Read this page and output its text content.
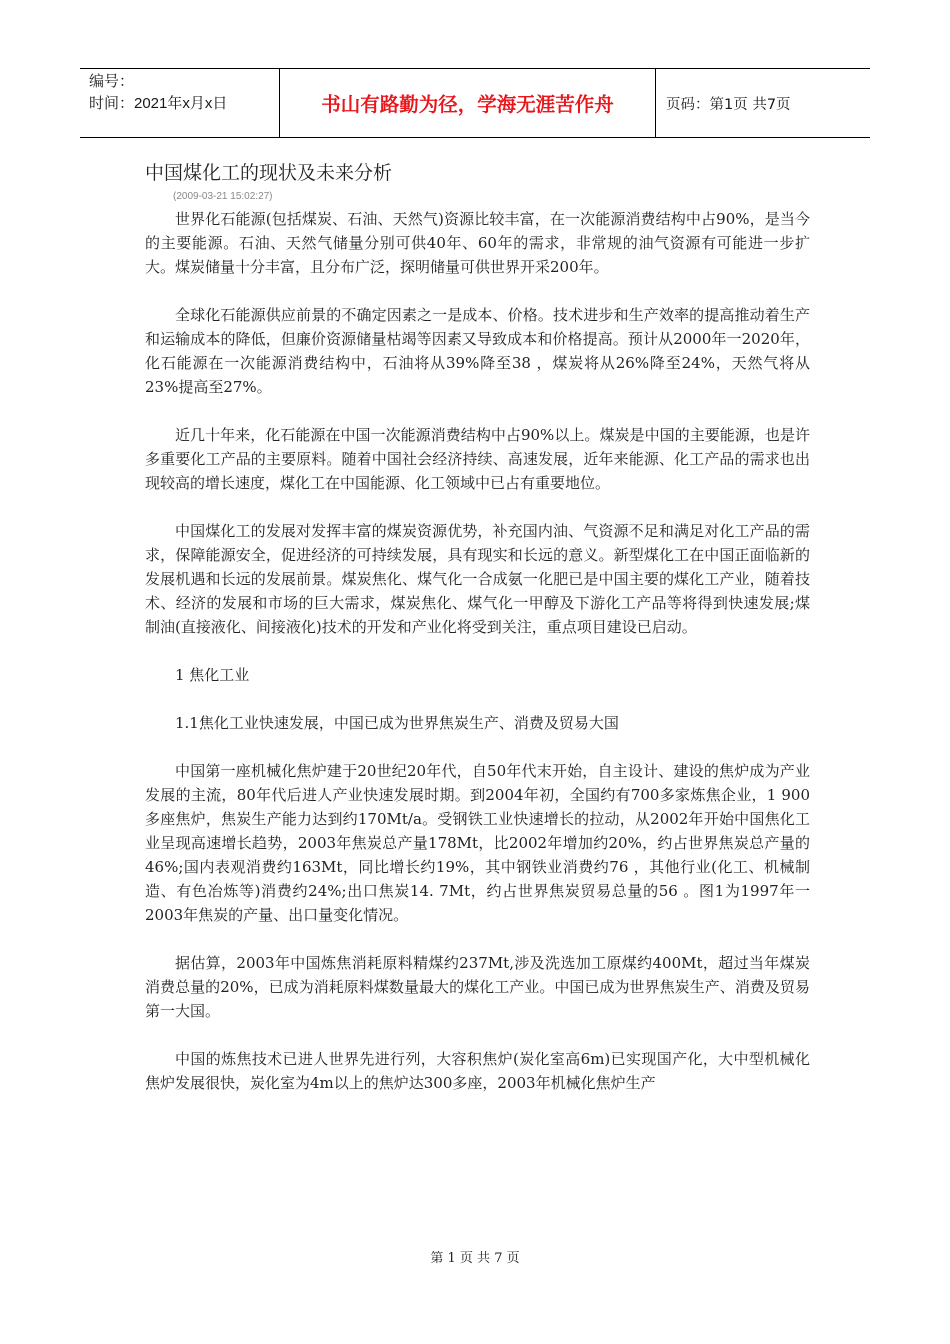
编号：
时间：2021年x月x日	书山有路勤为径，学海无涯苦作舟	页码：第1页 共7页
中国煤化工的现状及未来分析
(2009-03-21 15:02:27)

世界化石能源(包括煤炭、石油、天然气)资源比较丰富，在一次能源消费结构中占90%，是当今的主要能源。石油、天然气储量分别可供40年、60年的需求，非常规的油气资源有可能进一步扩大。煤炭储量十分丰富，且分布广泛，探明储量可供世界开采200年。

全球化石能源供应前景的不确定因素之一是成本、价格。技术进步和生产效率的提高推动着生产和运输成本的降低，但廉价资源储量枯竭等因素又导致成本和价格提高。预计从2000年一2020年，化石能源在一次能源消费结构中，石油将从39%降至38 ，煤炭将从26%降至24%，天然气将从23%提高至27%。

近几十年来，化石能源在中国一次能源消费结构中占90%以上。煤炭是中国的主要能源，也是许多重要化工产品的主要原料。随着中国社会经济持续、高速发展，近年来能源、化工产品的需求也出现较高的增长速度，煤化工在中国能源、化工领域中已占有重要地位。

中国煤化工的发展对发挥丰富的煤炭资源优势，补充国内油、气资源不足和满足对化工产品的需求，保障能源安全，促进经济的可持续发展，具有现实和长远的意义。新型煤化工在中国正面临新的发展机遇和长远的发展前景。煤炭焦化、煤气化一合成氨一化肥已是中国主要的煤化工产业，随着技术、经济的发展和市场的巨大需求，煤炭焦化、煤气化一甲醇及下游化工产品等将得到快速发展;煤制油(直接液化、间接液化)技术的开发和产业化将受到关注，重点项目建设已启动。

1 焦化工业

1.1焦化工业快速发展，中国已成为世界焦炭生产、消费及贸易大国

中国第一座机械化焦炉建于20世纪20年代，自50年代末开始，自主设计、建设的焦炉成为产业发展的主流，80年代后进人产业快速发展时期。到2004年初，全国约有700多家炼焦企业，1 900多座焦炉，焦炭生产能力达到约170Mt/a。受钢铁工业快速增长的拉动，从2002年开始中国焦化工业呈现高速增长趋势，2003年焦炭总产量178Mt，比2002年增加约20%，约占世界焦炭总产量的46%;国内表观消费约163Mt，同比增长约19%，其中钢铁业消费约76 ，其他行业(化工、机械制造、有色冶炼等)消费约24%;出口焦炭14. 7Mt，约占世界焦炭贸易总量的56 。图1为1997年一2003年焦炭的产量、出口量变化情况。

据估算，2003年中国炼焦消耗原料精煤约237Mt,涉及洗选加工原煤约400Mt，超过当年煤炭消费总量的20%，已成为消耗原料煤数量最大的煤化工产业。中国已成为世界焦炭生产、消费及贸易第一大国。

中国的炼焦技术已进人世界先进行列，大容积焦炉(炭化室高6m)已实现国产化，大中型机械化焦炉发展很快，炭化室为4m以上的焦炉达300多座，2003年机械化焦炉生产

第 1 页 共 7 页
